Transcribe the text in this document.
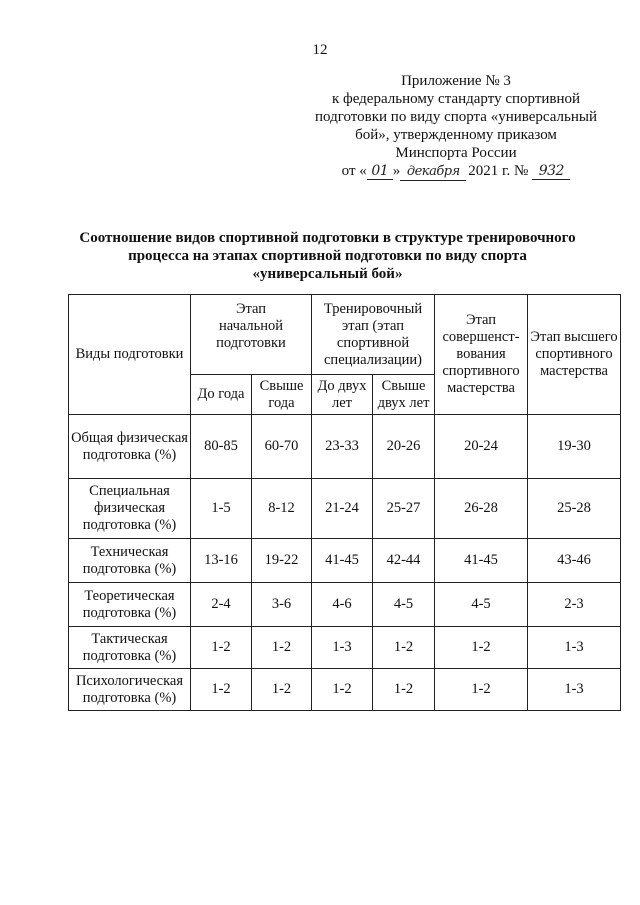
12
Приложение № 3
к федеральному стандарту спортивной
подготовки по виду спорта «универсальный
бой», утвержденному приказом
Минспорта России
от « 01 » декабря 2021 г. № 932
Соотношение видов спортивной подготовки в структуре тренировочного процесса на этапах спортивной подготовки по виду спорта «универсальный бой»
Виды подготовки	Этап начальной подготовки		Тренировочный этап (этап спортивной специализации)		Этап совершенст-вования спортивного мастерства	Этап высшего спортивного мастерства
	До года	Свыше года	До двух лет	Свыше двух лет		
Общая физическая подготовка (%)	80-85	60-70	23-33	20-26	20-24	19-30
Специальная физическая подготовка (%)	1-5	8-12	21-24	25-27	26-28	25-28
Техническая подготовка (%)	13-16	19-22	41-45	42-44	41-45	43-46
Теоретическая подготовка (%)	2-4	3-6	4-6	4-5	4-5	2-3
Тактическая подготовка (%)	1-2	1-2	1-3	1-2	1-2	1-3
Психологическая подготовка (%)	1-2	1-2	1-2	1-2	1-2	1-3
